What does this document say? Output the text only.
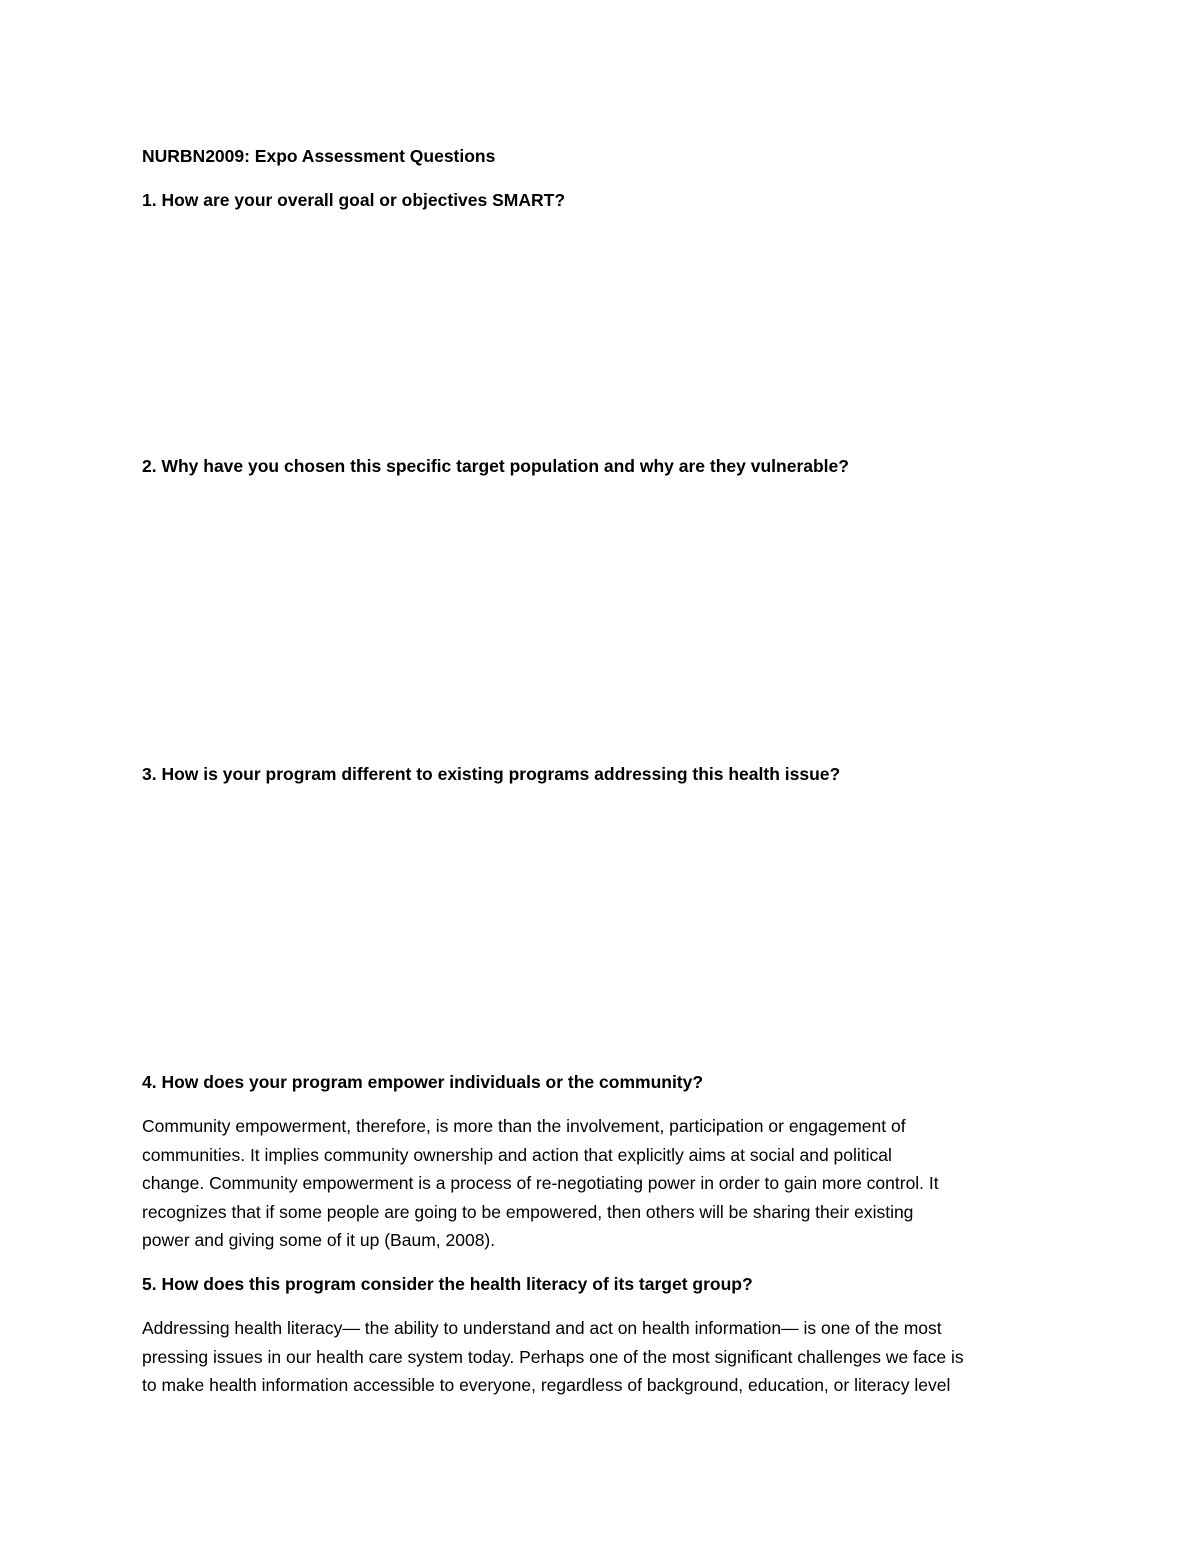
NURBN2009: Expo Assessment Questions

1. How are your overall goal or objectives SMART?

2. Why have you chosen this specific target population and why are they vulnerable?

3. How is your program different to existing programs addressing this health issue?

4. How does your program empower individuals or the community?

Community empowerment, therefore, is more than the involvement, participation or engagement of
communities. It implies community ownership and action that explicitly aims at social and political
change. Community empowerment is a process of re-negotiating power in order to gain more control. It
recognizes that if some people are going to be empowered, then others will be sharing their existing
power and giving some of it up (Baum, 2008).

5. How does this program consider the health literacy of its target group?

Addressing health literacy— the ability to understand and act on health information— is one of the most
pressing issues in our health care system today. Perhaps one of the most significant challenges we face is
to make health information accessible to everyone, regardless of background, education, or literacy level
